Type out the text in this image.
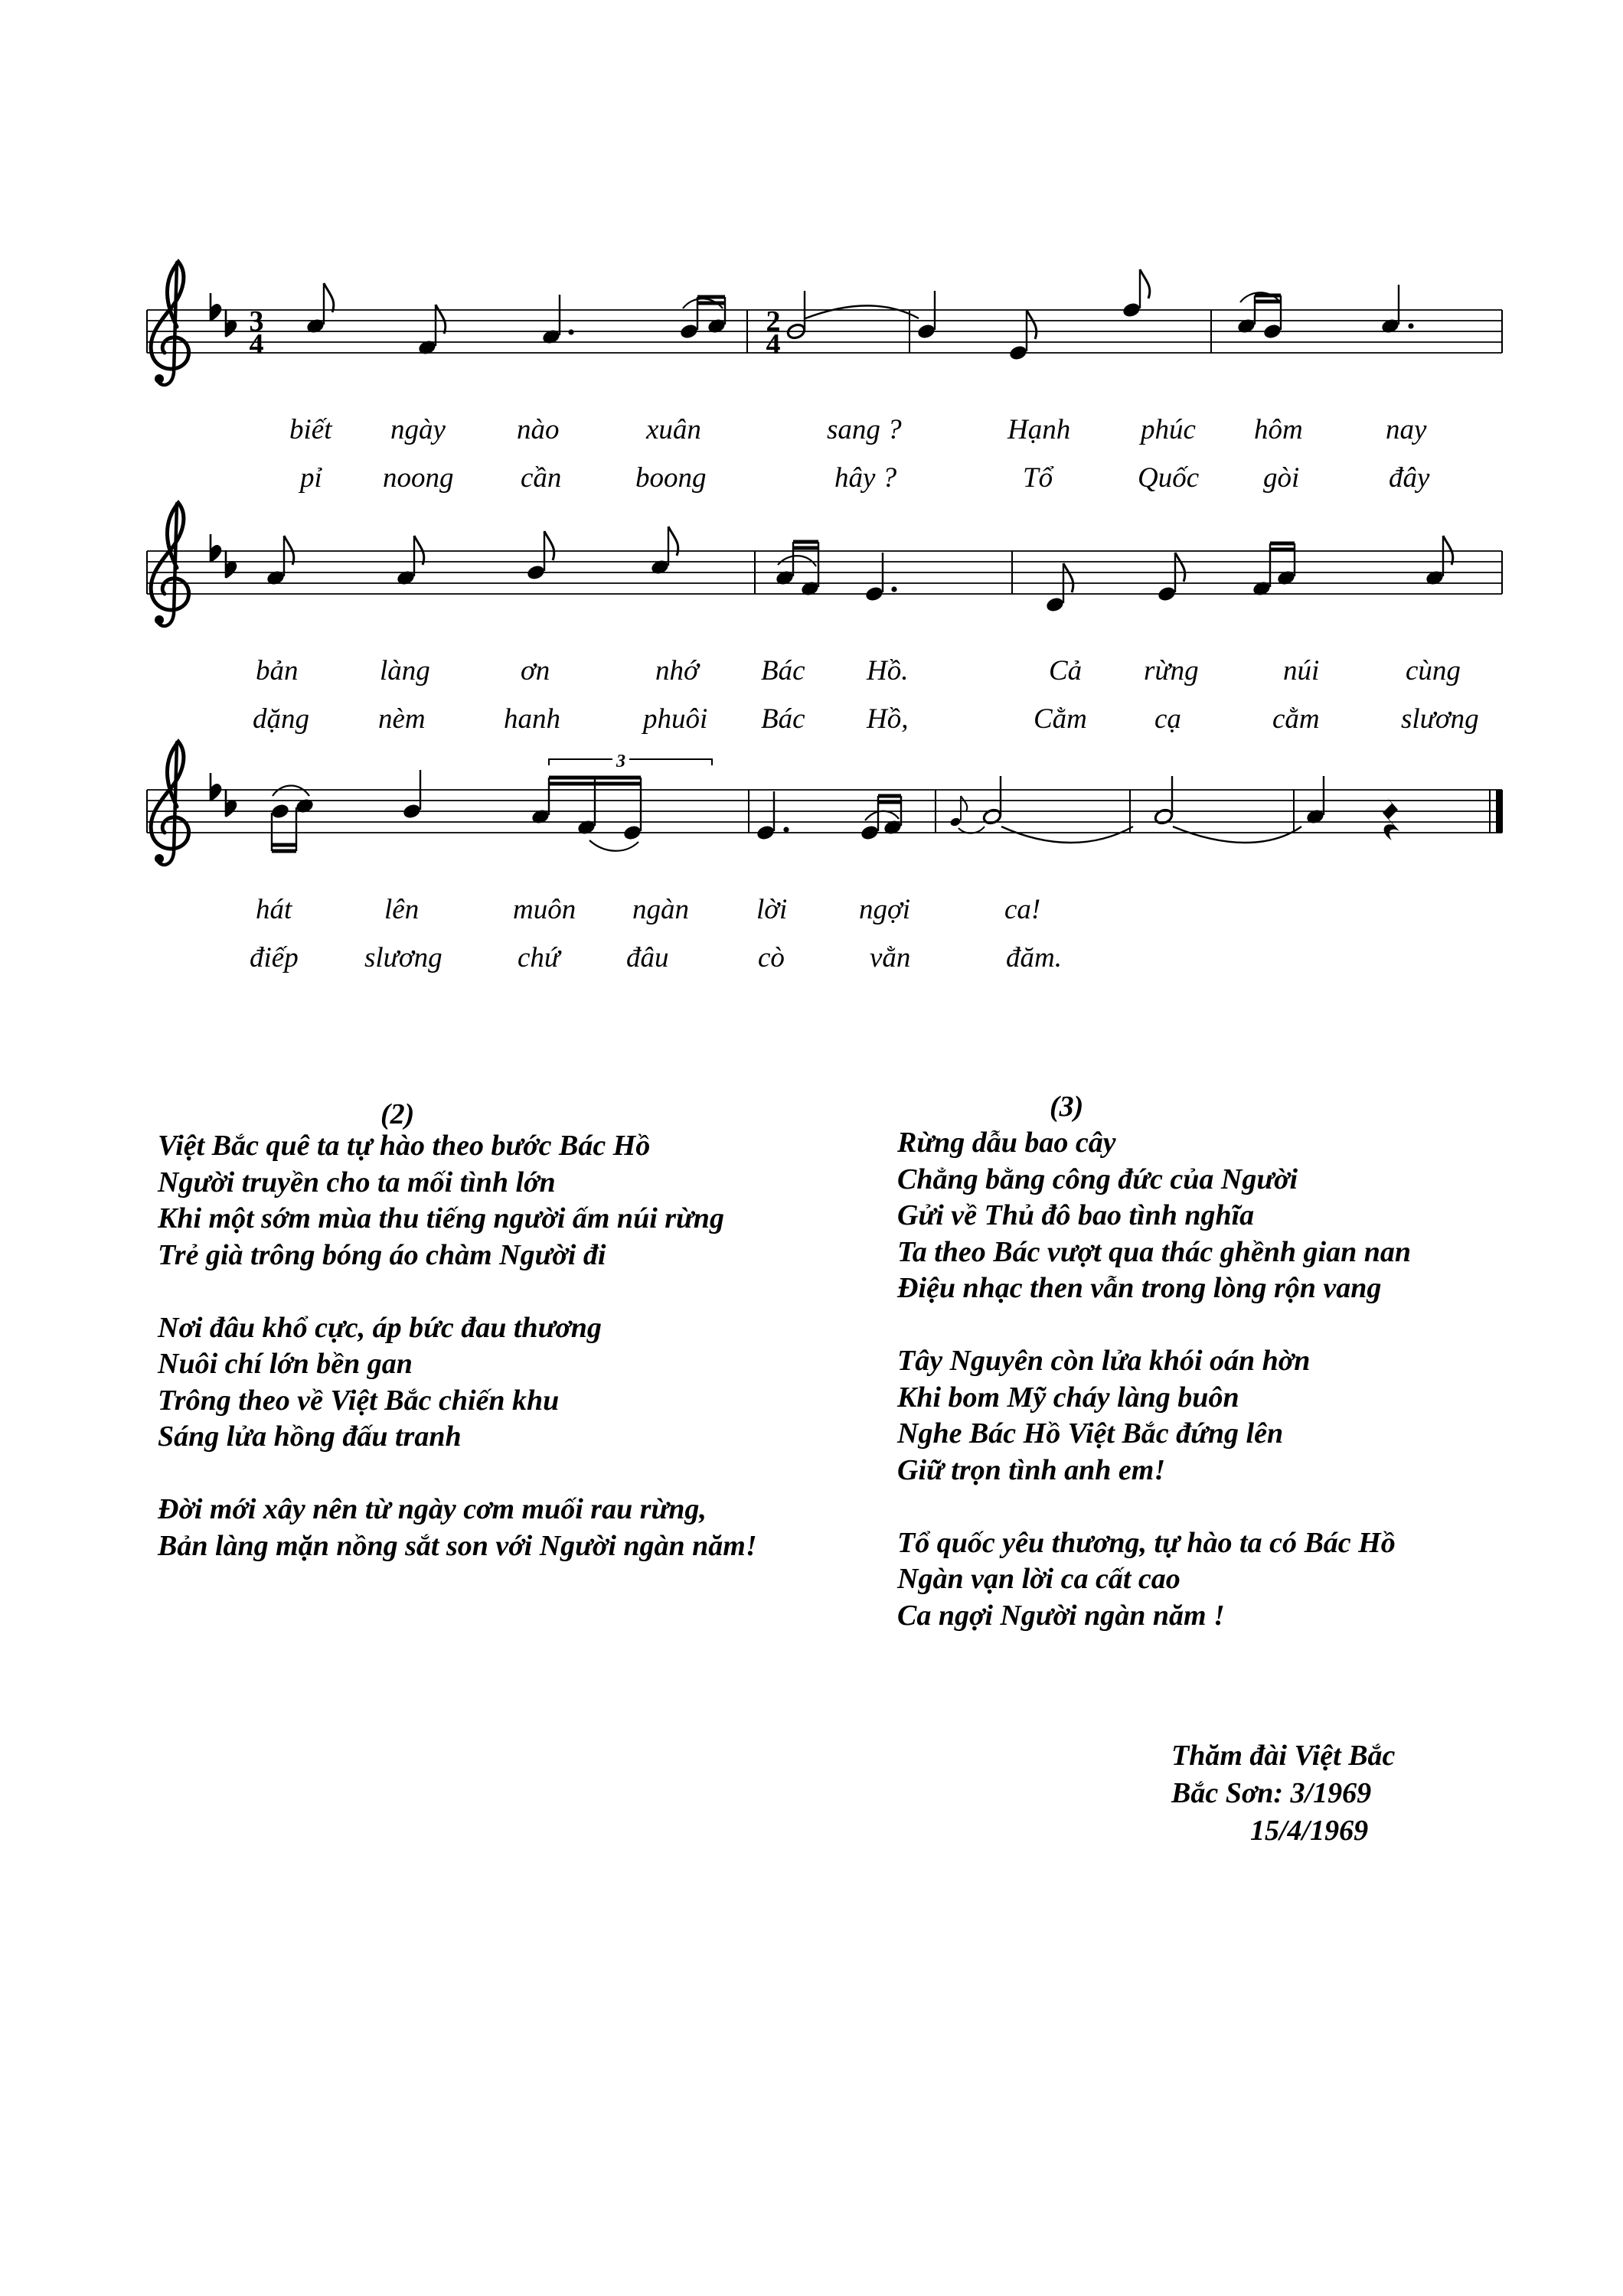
3
4
2
4
3
biết ngày	nào	xuân	sang ?	Hạnh phúc hôm	nay
pỉ noong cần	boong	hây ?	Tổ	Quốc gòi	đây
bản	làng	ơn	nhớ Bác Hồ.	Cả rừng	núi	cùng
dặng nèm	hanh	phuôi Bác Hồ,	Cằm cạ	cằm	slương
hát	lên	muôn ngàn lời	ngợi	ca!
điếp slương	chứ đâu	cò	vằn	đăm.
(2)
Việt Bắc quê ta tự hào theo bước Bác Hồ
Người truyền cho ta mối tình lớn
Khi một sớm mùa thu tiếng người ấm núi rừng
Trẻ già trông bóng áo chàm Người đi
Nơi đâu khổ cực, áp bức đau thương
Nuôi chí lớn bền gan
Trông theo về Việt Bắc chiến khu
Sáng lửa hồng đấu tranh
Đời mới xây nên từ ngày cơm muối rau rừng,
Bản làng mặn nồng sắt son với Người ngàn năm!
(3)
Rừng dẫu bao cây
Chẳng bằng công đức của Người
Gửi về Thủ đô bao tình nghĩa
Ta theo Bác vượt qua thác ghềnh gian nan
Điệu nhạc then vẫn trong lòng rộn vang
Tây Nguyên còn lửa khói oán hờn
Khi bom Mỹ cháy làng buôn
Nghe Bác Hồ Việt Bắc đứng lên
Giữ trọn tình anh em!
Tổ quốc yêu thương, tự hào ta có Bác Hồ
Ngàn vạn lời ca cất cao
Ca ngợi Người ngàn năm !
Thăm đài Việt Bắc
Bắc Sơn: 3/1969
15/4/1969
